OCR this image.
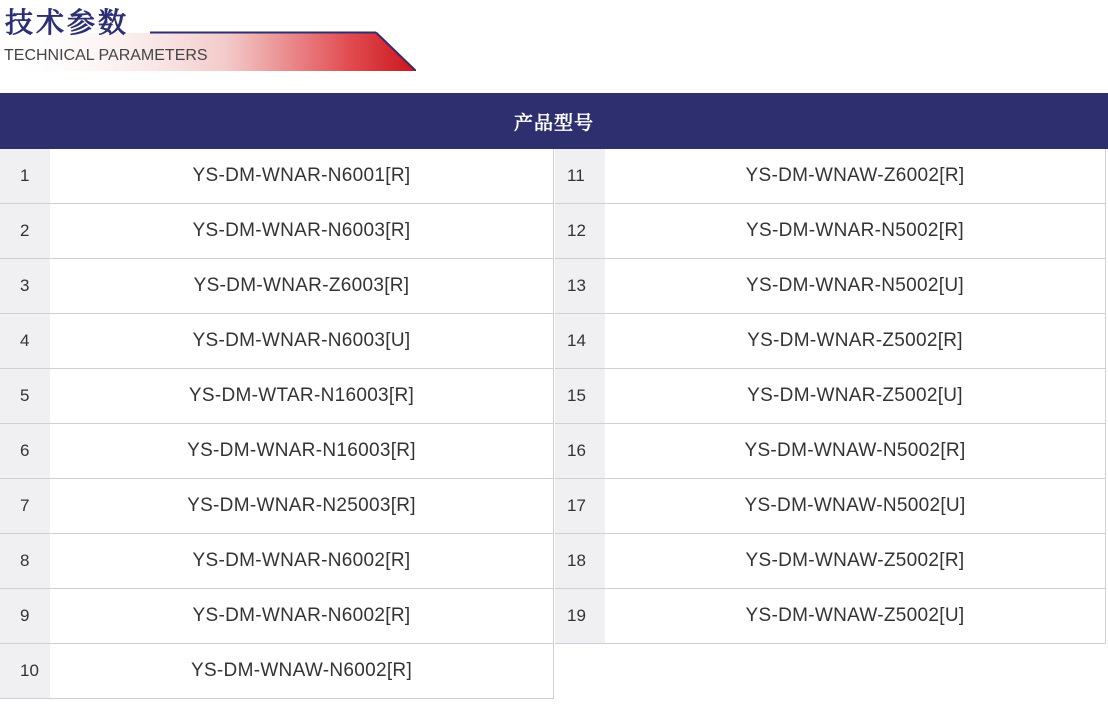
技术参数
TECHNICAL PARAMETERS
产品型号
1	YS-DM-WNAR-N6001[R]
2	YS-DM-WNAR-N6003[R]
3	YS-DM-WNAR-Z6003[R]
4	YS-DM-WNAR-N6003[U]
5	YS-DM-WTAR-N16003[R]
6	YS-DM-WNAR-N16003[R]
7	YS-DM-WNAR-N25003[R]
8	YS-DM-WNAR-N6002[R]
9	YS-DM-WNAR-N6002[R]
10	YS-DM-WNAW-N6002[R]
11	YS-DM-WNAW-Z6002[R]
12	YS-DM-WNAR-N5002[R]
13	YS-DM-WNAR-N5002[U]
14	YS-DM-WNAR-Z5002[R]
15	YS-DM-WNAR-Z5002[U]
16	YS-DM-WNAW-N5002[R]
17	YS-DM-WNAW-N5002[U]
18	YS-DM-WNAW-Z5002[R]
19	YS-DM-WNAW-Z5002[U]
